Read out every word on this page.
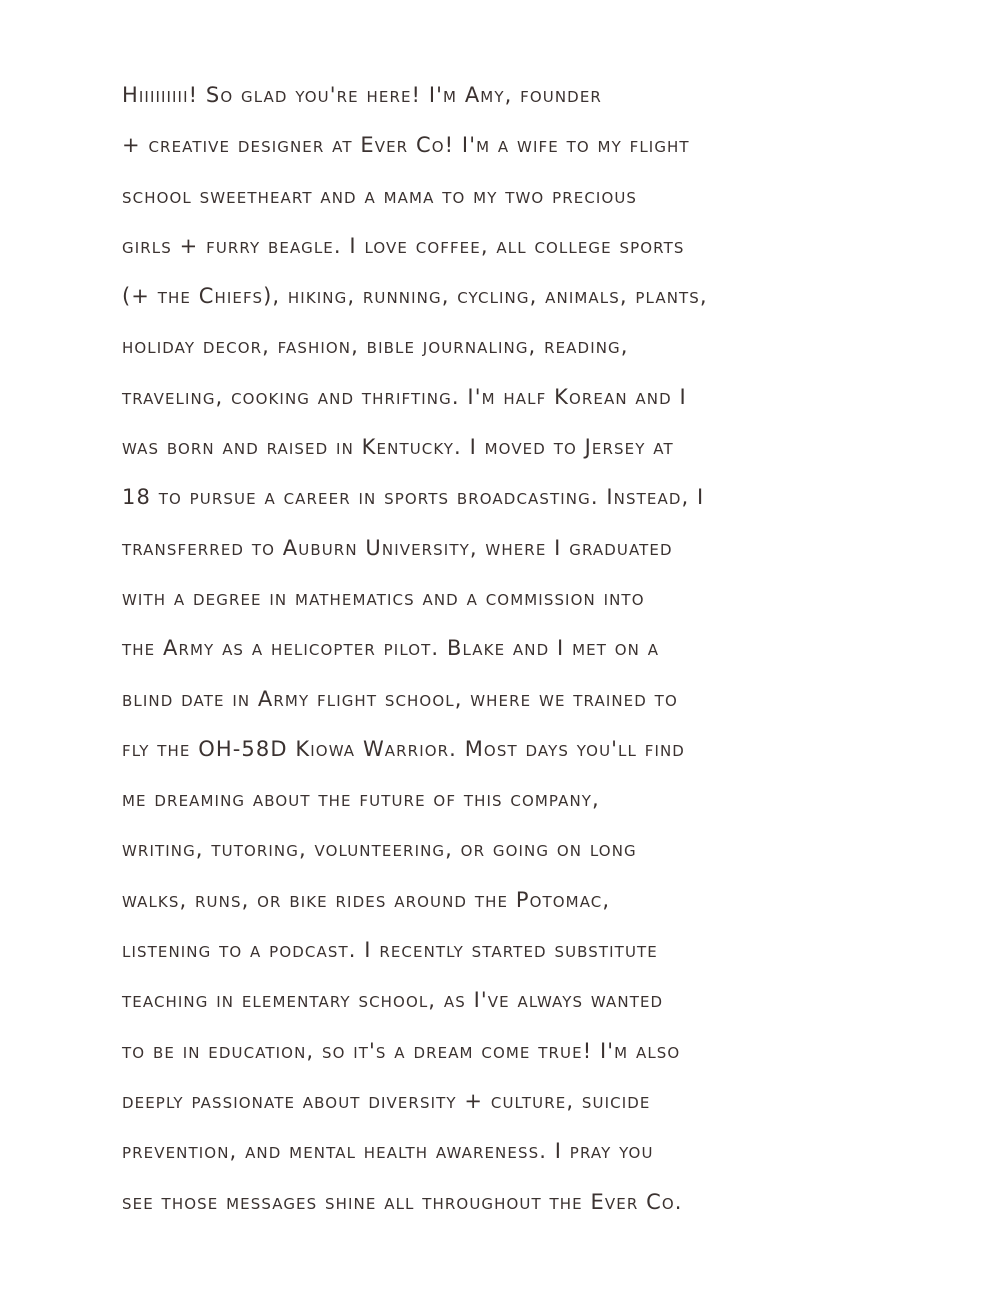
Hiiiiiiiii! So glad you're here! I'm Amy, founder
+ creative designer at Ever Co! I'm a wife to my flight
school sweetheart and a mama to my two precious
girls + furry beagle. I love coffee, all college sports
(+ the Chiefs), hiking, running, cycling, animals, plants,
holiday decor, fashion, bible journaling, reading,
traveling, cooking and thrifting. I'm half Korean and I
was born and raised in Kentucky. I moved to Jersey at
18 to pursue a career in sports broadcasting. Instead, I
transferred to Auburn University, where I graduated
with a degree in mathematics and a commission into
the Army as a helicopter pilot. Blake and I met on a
blind date in Army flight school, where we trained to
fly the OH-58D Kiowa Warrior. Most days you'll find
me dreaming about the future of this company,
writing, tutoring, volunteering, or going on long
walks, runs, or bike rides around the Potomac,
listening to a podcast. I recently started substitute
teaching in elementary school, as I've always wanted
to be in education, so it's a dream come true! I'm also
deeply passionate about diversity + culture, suicide
prevention, and mental health awareness. I pray you
see those messages shine all throughout the Ever Co.
